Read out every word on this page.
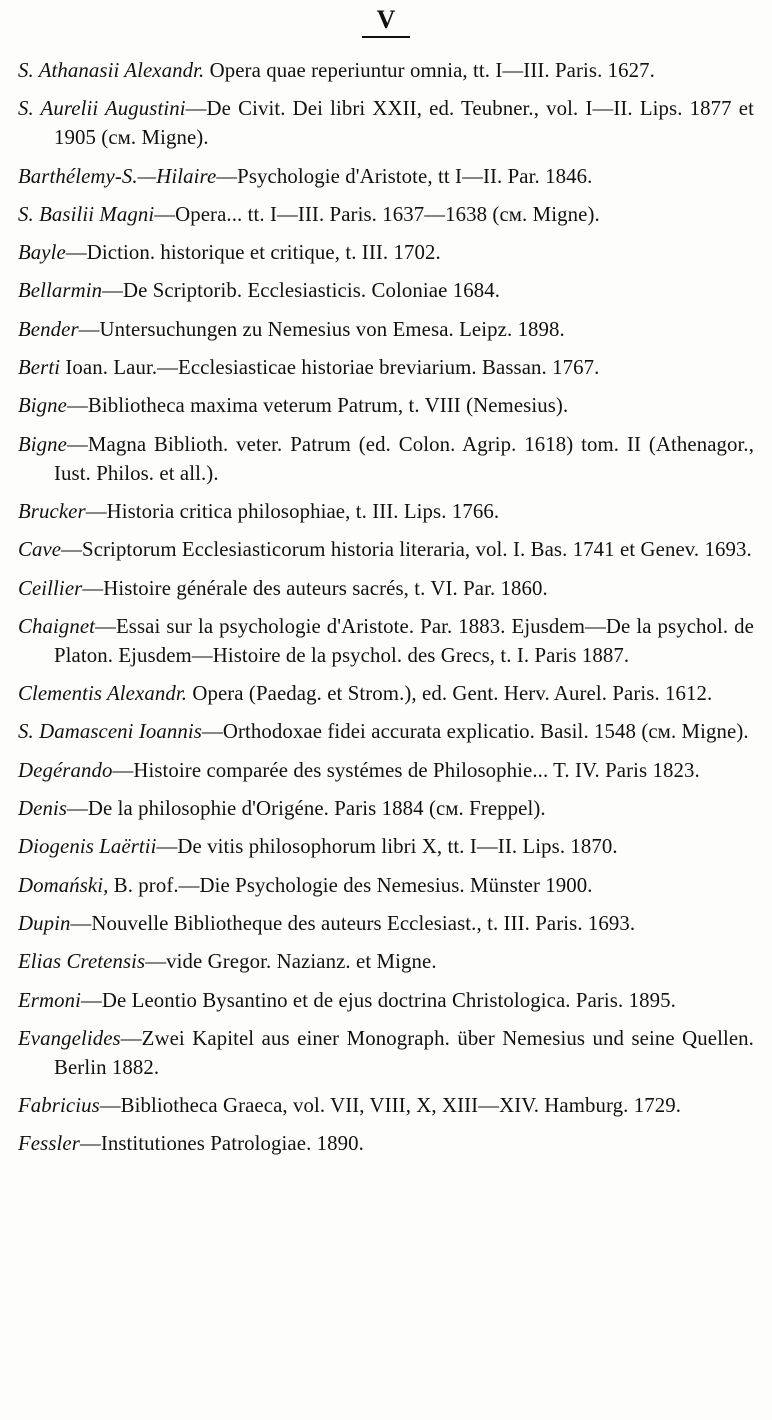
V
S. Athanasii Alexandr. Opera quae reperiuntur omnia, tt. I—III. Paris. 1627.
S. Aurelii Augustini—De Civit. Dei libri XXII, ed. Teubner., vol. I—II. Lips. 1877 et 1905 (см. Migne).
Barthélemy-S.—Hilaire—Psychologie d'Aristote, tt I—II. Par. 1846.
S. Basilii Magni—Opera... tt. I—III. Paris. 1637—1638 (см. Migne).
Bayle—Diction. historique et critique, t. III. 1702.
Bellarmin—De Scriptorib. Ecclesiasticis. Coloniae 1684.
Bender—Untersuchungen zu Nemesius von Emesa. Leipz. 1898.
Berti Ioan. Laur.—Ecclesiasticae historiae breviarium. Bassan. 1767.
Bigne—Bibliotheca maxima veterum Patrum, t. VIII (Nemesius).
Bigne—Magna Biblioth. veter. Patrum (ed. Colon. Agrip. 1618) tom. II (Athenagor., Iust. Philos. et all.).
Brucker—Historia critica philosophiae, t. III. Lips. 1766.
Cave—Scriptorum Ecclesiasticorum historia literaria, vol. I. Bas. 1741 et Genev. 1693.
Ceillier—Histoire générale des auteurs sacrés, t. VI. Par. 1860.
Chaignet—Essai sur la psychologie d'Aristote. Par. 1883. Ejusdem—De la psychol. de Platon. Ejusdem—Histoire de la psychol. des Grecs, t. I. Paris 1887.
Clementis Alexandr. Opera (Paedag. et Strom.), ed. Gent. Herv. Aurel. Paris. 1612.
S. Damasceni Ioannis—Orthodoxae fidei accurata explicatio. Basil. 1548 (см. Migne).
Degérando—Histoire comparée des systémes de Philosophie... T. IV. Paris 1823.
Denis—De la philosophie d'Origéne. Paris 1884 (см. Freppel).
Diogenis Laërtii—De vitis philosophorum libri X, tt. I—II. Lips. 1870.
Domański, B. prof.—Die Psychologie des Nemesius. Münster 1900.
Dupin—Nouvelle Bibliotheque des auteurs Ecclesiast., t. III. Paris. 1693.
Elias Cretensis—vide Gregor. Nazianz. et Migne.
Ermoni—De Leontio Bysantino et de ejus doctrina Christologica. Paris. 1895.
Evangelides—Zwei Kapitel aus einer Monograph. über Nemesius und seine Quellen. Berlin 1882.
Fabricius—Bibliotheca Graeca, vol. VII, VIII, X, XIII—XIV. Hamburg. 1729.
Fessler—Institutiones Patrologiae. 1890.
